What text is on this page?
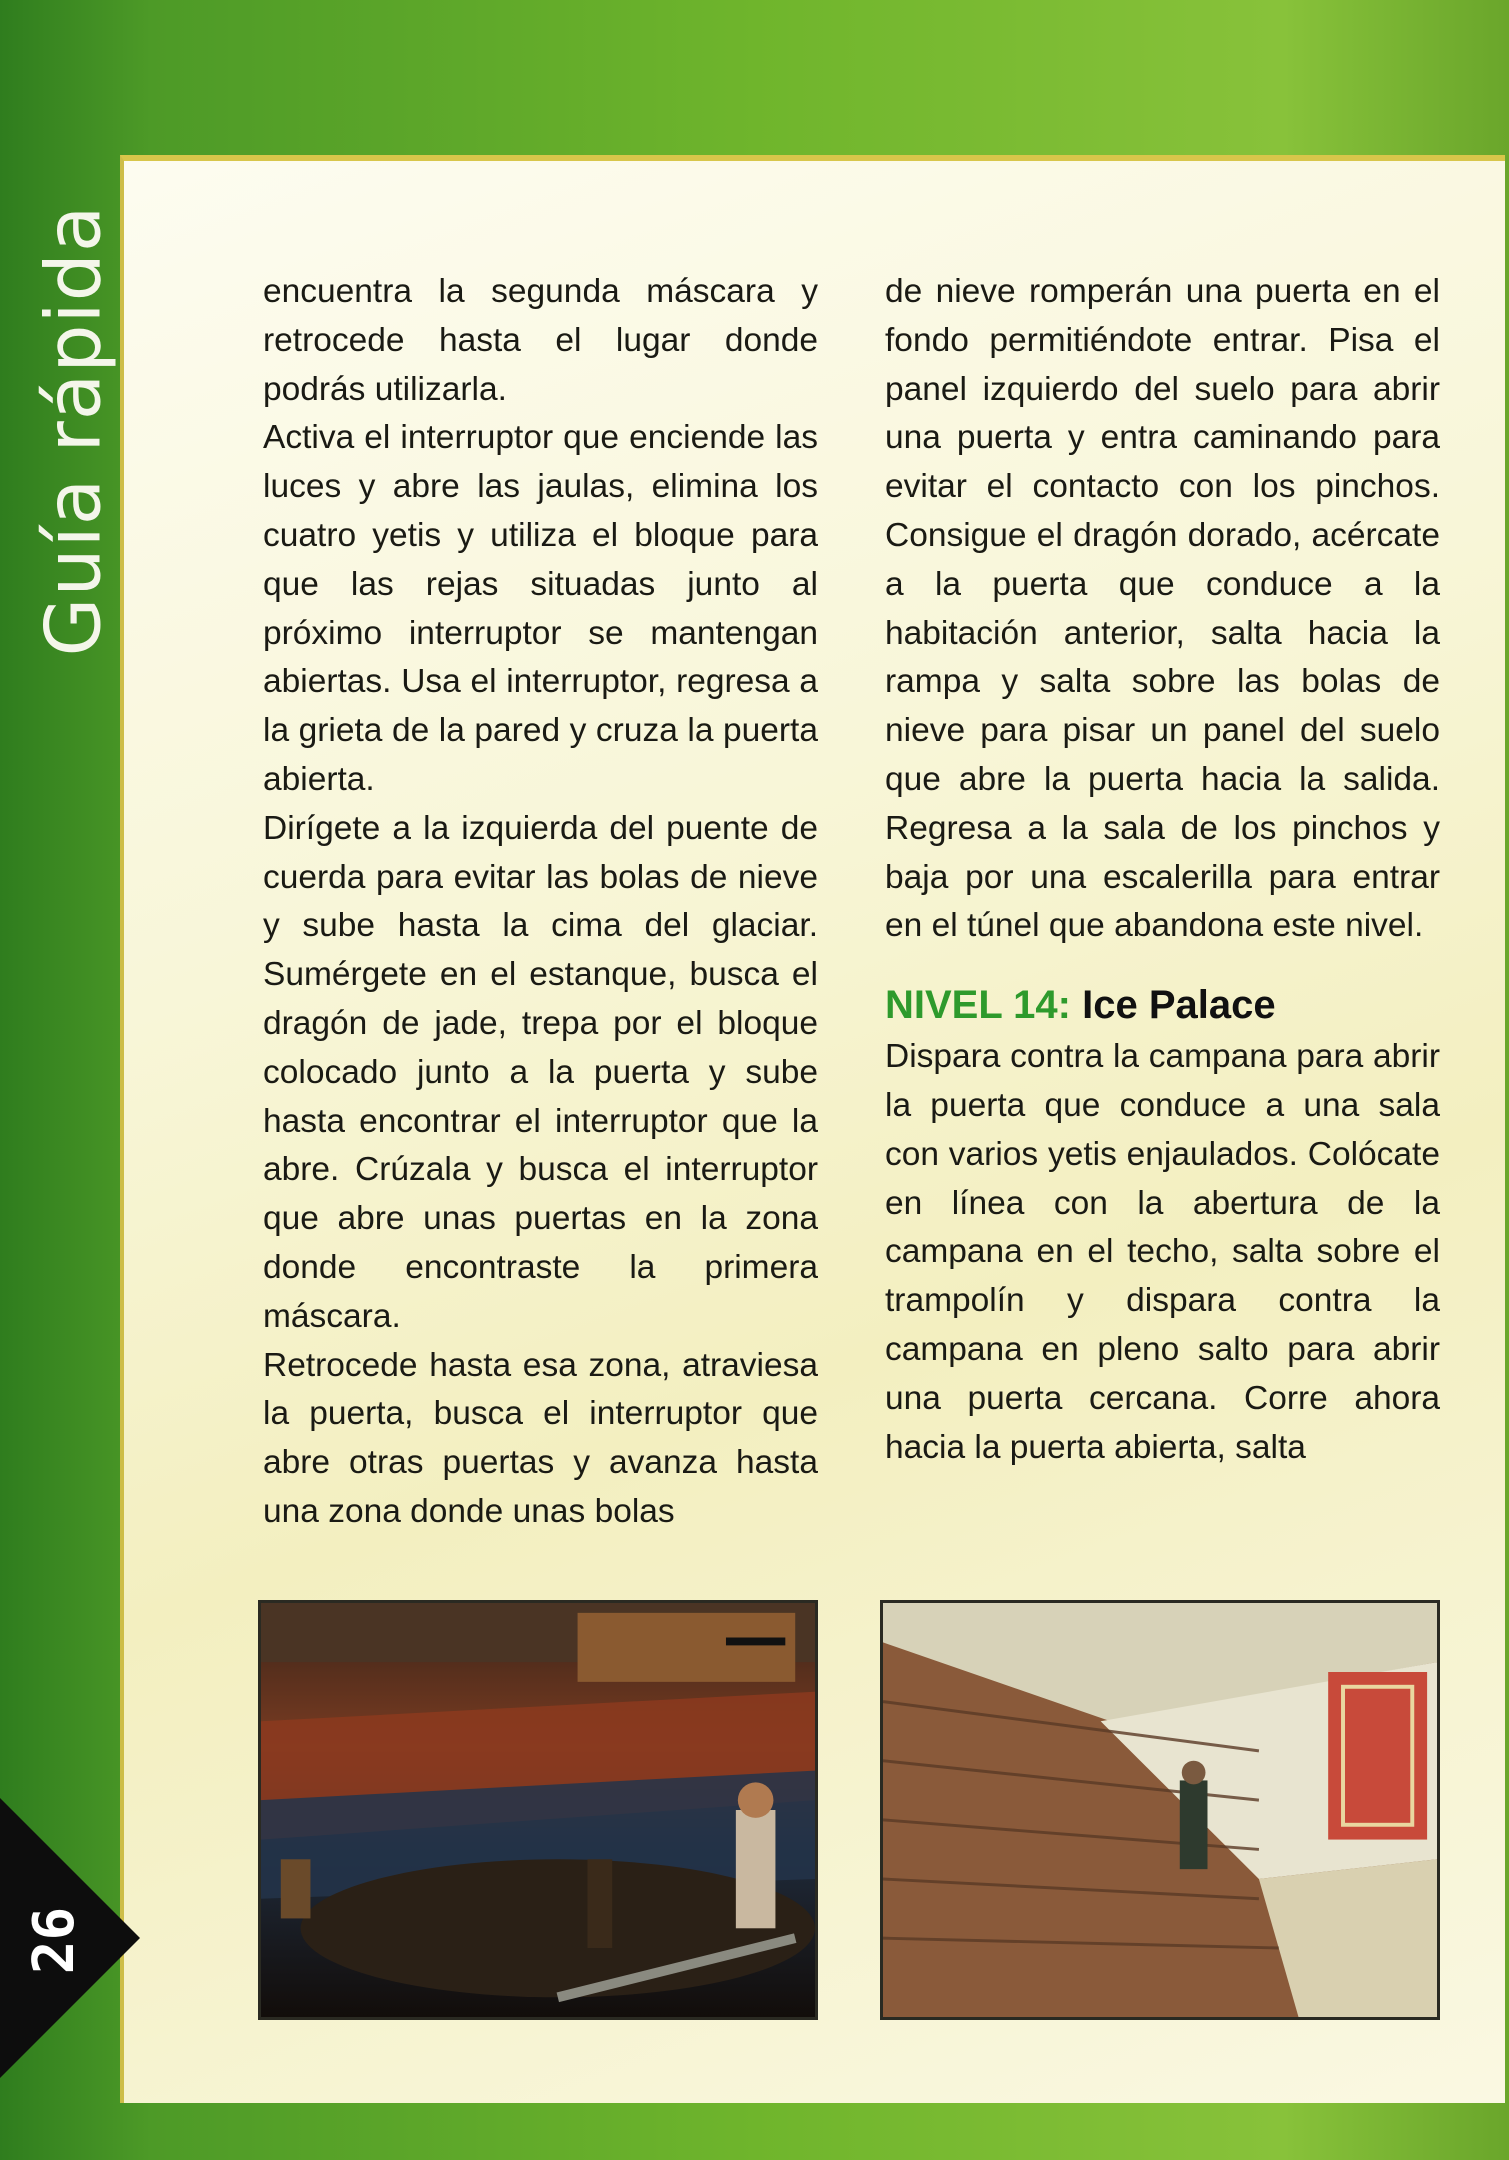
Guía rápida
26

encuentra la segunda máscara y retrocede hasta el lugar donde podrás utilizarla.

Activa el interruptor que enciende las luces y abre las jaulas, elimina los cuatro yetis y utiliza el bloque para que las rejas situadas junto al próximo interruptor se mantengan abiertas. Usa el interruptor, regresa a la grieta de la pared y cruza la puerta abierta.

Dirígete a la izquierda del puente de cuerda para evitar las bolas de nieve y sube hasta la cima del glaciar. Sumérgete en el estanque, busca el dragón de jade, trepa por el bloque colocado junto a la puerta y sube hasta encontrar el interruptor que la abre. Crúzala y busca el interruptor que abre unas puertas en la zona donde encontraste la primera máscara.

Retrocede hasta esa zona, atraviesa la puerta, busca el interruptor que abre otras puertas y avanza hasta una zona donde unas bolas

de nieve romperán una puerta en el fondo permitiéndote entrar. Pisa el panel izquierdo del suelo para abrir una puerta y entra caminando para evitar el contacto con los pinchos. Consigue el dragón dorado, acércate a la puerta que conduce a la habitación anterior, salta hacia la rampa y salta sobre las bolas de nieve para pisar un panel del suelo que abre la puerta hacia la salida. Regresa a la sala de los pinchos y baja por una escalerilla para entrar en el túnel que abandona este nivel.

NIVEL 14: Ice Palace

Dispara contra la campana para abrir la puerta que conduce a una sala con varios yetis enjaulados. Colócate en línea con la abertura de la campana en el techo, salta sobre el trampolín y dispara contra la campana en pleno salto para abrir una puerta cercana. Corre ahora hacia la puerta abierta, salta
